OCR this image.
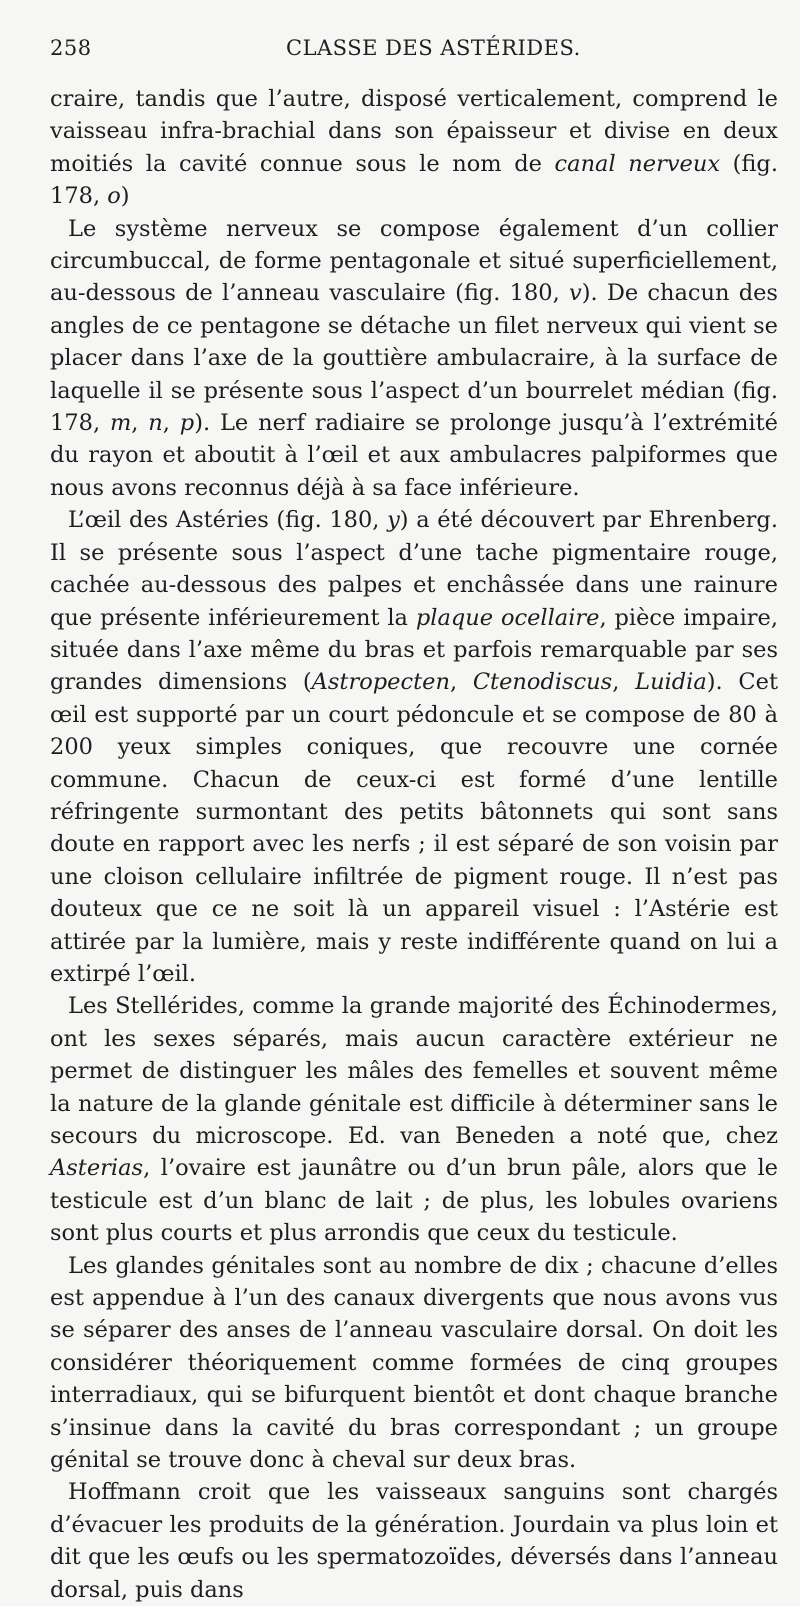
258	CLASSE DES ASTÉRIDES.

craire, tandis que l’autre, disposé verticalement, comprend le vaisseau infra-brachial dans son épaisseur et divise en deux moitiés la cavité connue sous le nom de canal nerveux (fig. 178, o)

Le système nerveux se compose également d’un collier circumbuccal, de forme pentagonale et situé superficiellement, au-dessous de l’anneau vasculaire (fig. 180, v). De chacun des angles de ce pentagone se détache un filet nerveux qui vient se placer dans l’axe de la gouttière ambulacraire, à la surface de laquelle il se présente sous l’aspect d’un bourrelet médian (fig. 178, m, n, p). Le nerf radiaire se prolonge jusqu’à l’extrémité du rayon et aboutit à l’œil et aux ambulacres palpiformes que nous avons reconnus déjà à sa face inférieure.

L’œil des Astéries (fig. 180, y) a été découvert par Ehrenberg. Il se présente sous l’aspect d’une tache pigmentaire rouge, cachée au-dessous des palpes et enchâssée dans une rainure que présente inférieurement la plaque ocellaire, pièce impaire, située dans l’axe même du bras et parfois remarquable par ses grandes dimensions (Astropecten, Ctenodiscus, Luidia). Cet œil est supporté par un court pédoncule et se compose de 80 à 200 yeux simples coniques, que recouvre une cornée commune. Chacun de ceux-ci est formé d’une lentille réfringente surmontant des petits bâtonnets qui sont sans doute en rapport avec les nerfs ; il est séparé de son voisin par une cloison cellulaire infiltrée de pigment rouge. Il n’est pas douteux que ce ne soit là un appareil visuel : l’Astérie est attirée par la lumière, mais y reste indifférente quand on lui a extirpé l’œil.

Les Stellérides, comme la grande majorité des Échinodermes, ont les sexes séparés, mais aucun caractère extérieur ne permet de distinguer les mâles des femelles et souvent même la nature de la glande génitale est difficile à déterminer sans le secours du microscope. Ed. van Beneden a noté que, chez Asterias, l’ovaire est jaunâtre ou d’un brun pâle, alors que le testicule est d’un blanc de lait ; de plus, les lobules ovariens sont plus courts et plus arrondis que ceux du testicule.

Les glandes génitales sont au nombre de dix ; chacune d’elles est appendue à l’un des canaux divergents que nous avons vus se séparer des anses de l’anneau vasculaire dorsal. On doit les considérer théoriquement comme formées de cinq groupes interradiaux, qui se bifurquent bientôt et dont chaque branche s’insinue dans la cavité du bras correspondant ; un groupe génital se trouve donc à cheval sur deux bras.

Hoffmann croit que les vaisseaux sanguins sont chargés d’évacuer les produits de la génération. Jourdain va plus loin et dit que les œufs ou les spermatozoïdes, déversés dans l’anneau dorsal, puis dans
